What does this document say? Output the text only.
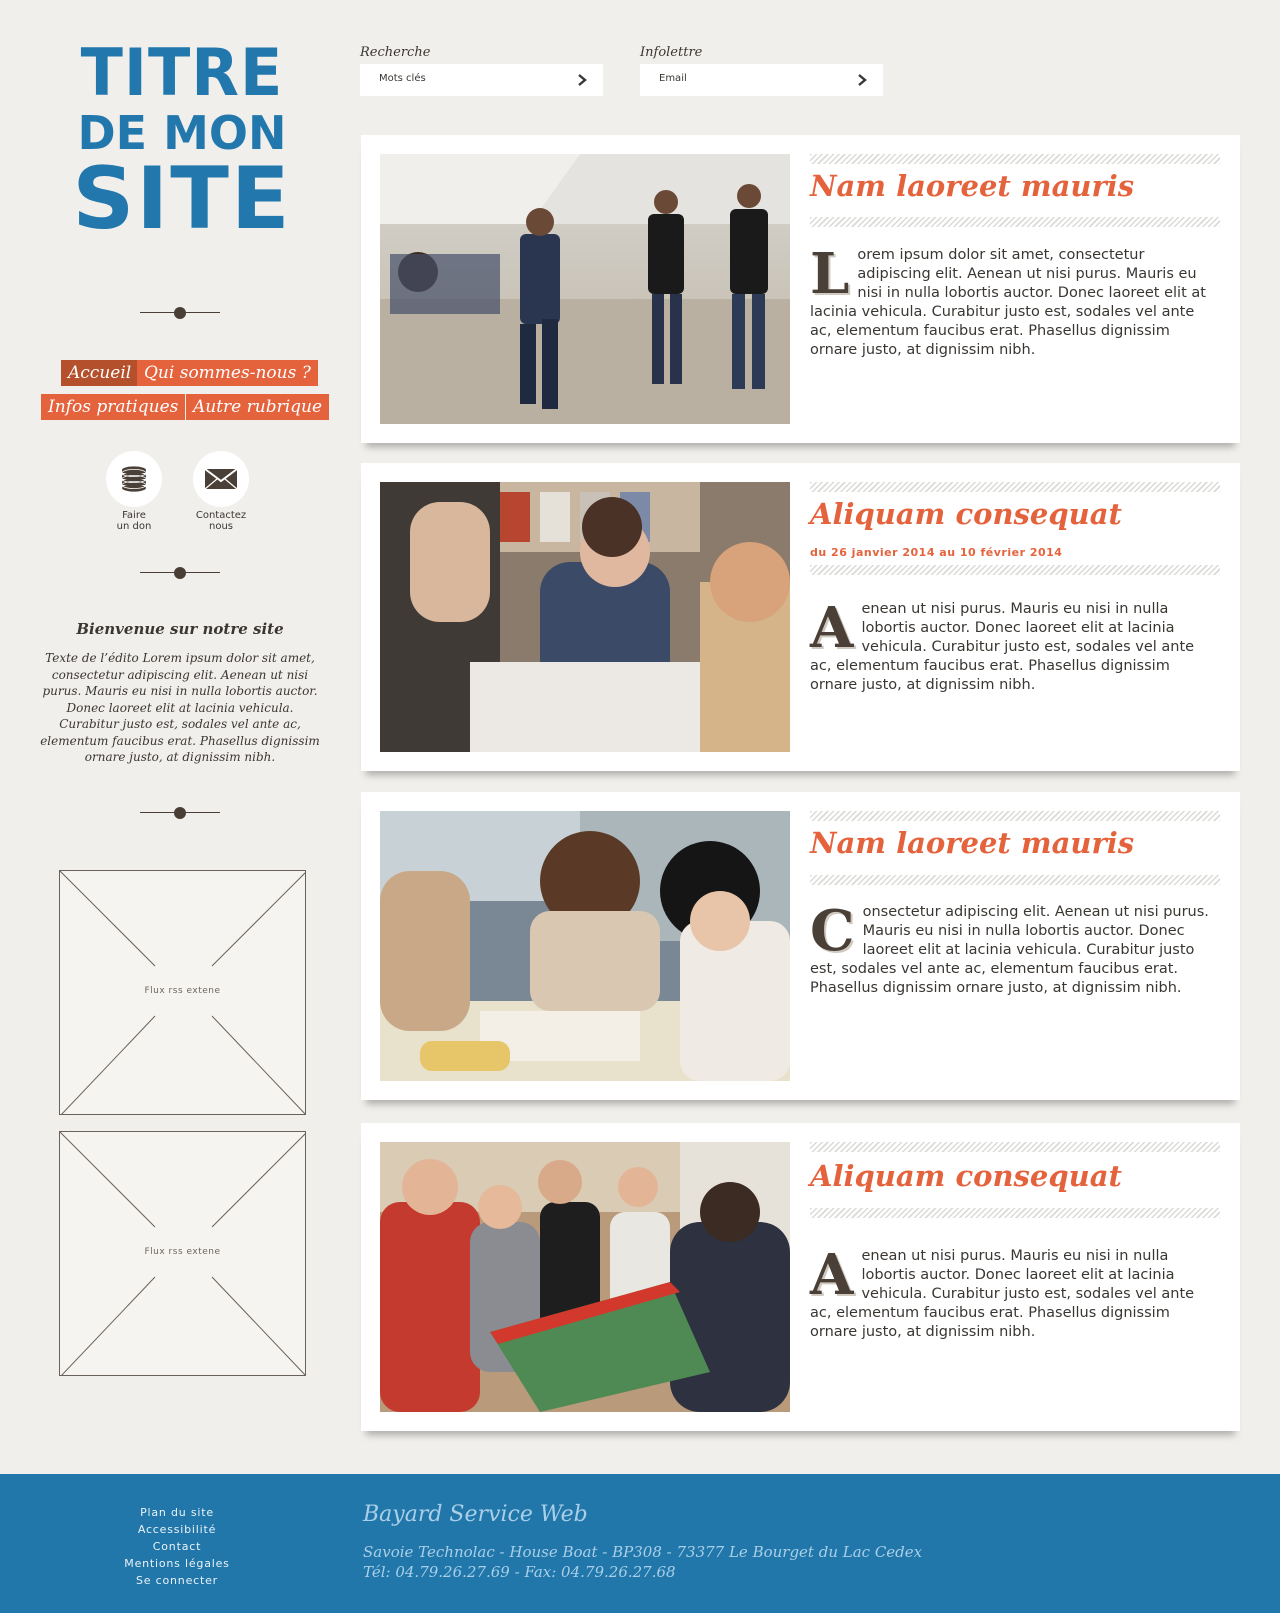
TITRE
DE MON
SITE
Accueil Qui sommes-nous ?
Infos pratiques Autre rubrique
Faire
un don
Contactez
nous
Bienvenue sur notre site
Texte de l’édito Lorem ipsum dolor sit amet, consectetur adipiscing elit. Aenean ut nisi purus. Mauris eu nisi in nulla lobortis auctor. Donec laoreet elit at lacinia vehicula. Curabitur justo est, sodales vel ante ac, elementum faucibus erat. Phasellus dignissim ornare justo, at dignissim nibh.
Flux rss extene
Flux rss extene
Recherche
Mots clés
Infolettre
Email
Nam laoreet mauris
L orem ipsum dolor sit amet, consectetur adipiscing elit. Aenean ut nisi purus. Mauris eu nisi in nulla lobortis auctor. Donec laoreet elit at lacinia vehicula. Curabitur justo est, sodales vel ante ac, elementum faucibus erat. Phasellus dignissim ornare justo, at dignissim nibh.
Aliquam consequat
du 26 janvier 2014 au 10 février 2014
A enean ut nisi purus. Mauris eu nisi in nulla lobortis auctor. Donec laoreet elit at lacinia vehicula. Curabitur justo est, sodales vel ante ac, elementum faucibus erat. Phasellus dignissim ornare justo, at dignissim nibh.
Nam laoreet mauris
C onsectetur adipiscing elit. Aenean ut nisi purus. Mauris eu nisi in nulla lobortis auctor. Donec laoreet elit at lacinia vehicula. Curabitur justo est, sodales vel ante ac, elementum faucibus erat. Phasellus dignissim ornare justo, at dignissim nibh.
Aliquam consequat
A enean ut nisi purus. Mauris eu nisi in nulla lobortis auctor. Donec laoreet elit at lacinia vehicula. Curabitur justo est, sodales vel ante ac, elementum faucibus erat. Phasellus dignissim ornare justo, at dignissim nibh.
Plan du site
Accessibilité
Contact
Mentions légales
Se connecter
Bayard Service Web
Savoie Technolac - House Boat - BP308 - 73377 Le Bourget du Lac Cedex
Tél: 04.79.26.27.69 - Fax: 04.79.26.27.68
